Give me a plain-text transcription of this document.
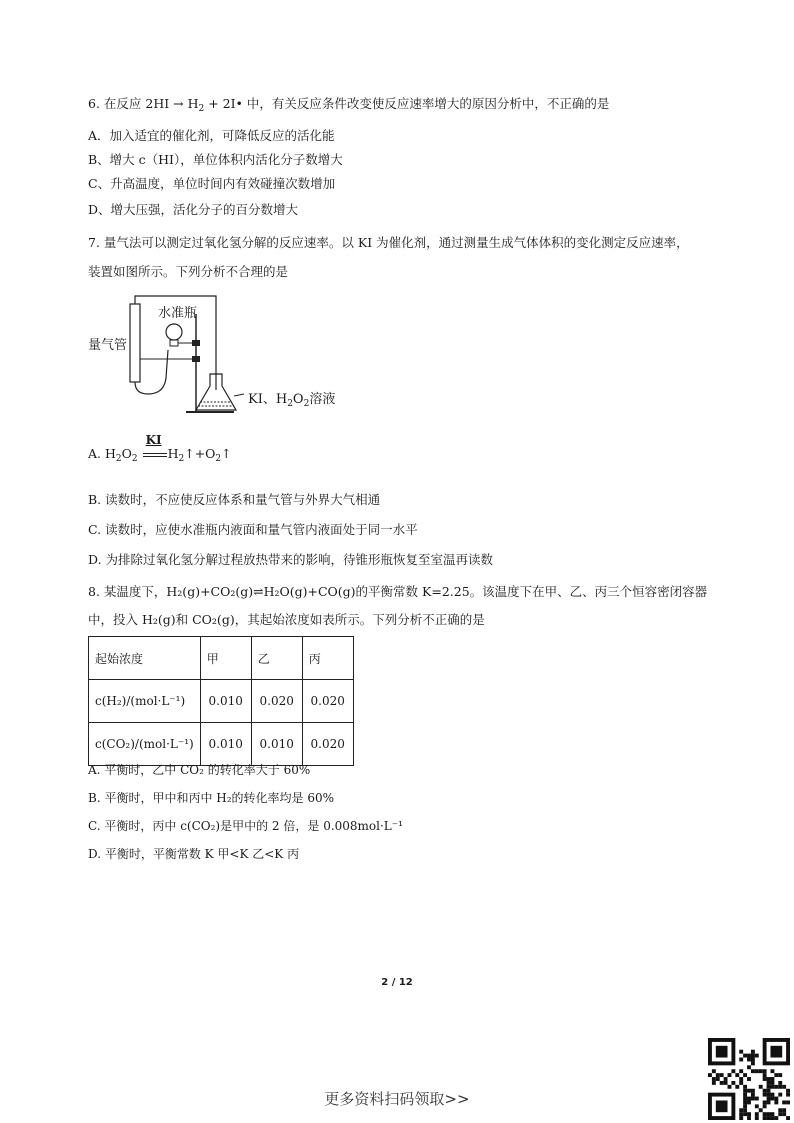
6. 在反应 $2HI \to H_2$ + 2I• 中，有关反应条件改变使反应速率增大的原因分析中，不正确的是
A．加入适宜的催化剂，可降低反应的活化能
B、增大 c（HI），单位体积内活化分子数增大
C、升高温度，单位时间内有效碰撞次数增加
D、增大压强，活化分子的百分数增大
7. 量气法可以测定过氧化氢分解的反应速率。以 KI 为催化剂，通过测量生成气体体积的变化测定反应速率，
装置如图所示。下列分析不合理的是
水准瓶
量气管
KI、$H_2O_2$溶液
A. $H_2O_2$
KI
$H_2↑+O_2↑$
B. 读数时，不应使反应体系和量气管与外界大气相通
C. 读数时，应使水准瓶内液面和量气管内液面处于同一水平
D. 为排除过氧化氢分解过程放热带来的影响，待锥形瓶恢复至室温再读数
8. 某温度下，H₂(g)+CO₂(g)⇌H₂O(g)+CO(g)的平衡常数 K=2.25。该温度下在甲、乙、丙三个恒容密闭容器
中，投入 H₂(g)和 CO₂(g)，其起始浓度如表所示。下列分析不正确的是
起始浓度	甲	乙	丙
c(H₂)/(mol·L⁻¹)	0.010	0.020	0.020
c(CO₂)/(mol·L⁻¹)	0.010	0.010	0.020
A. 平衡时，乙中 CO₂ 的转化率大于 60%
B. 平衡时，甲中和丙中 H₂的转化率均是 60%
C. 平衡时，丙中 c(CO₂)是甲中的 2 倍，是 0.008mol·L⁻¹
D. 平衡时，平衡常数 K 甲<K 乙<K 丙
2 / 12
更多资料扫码领取>>
